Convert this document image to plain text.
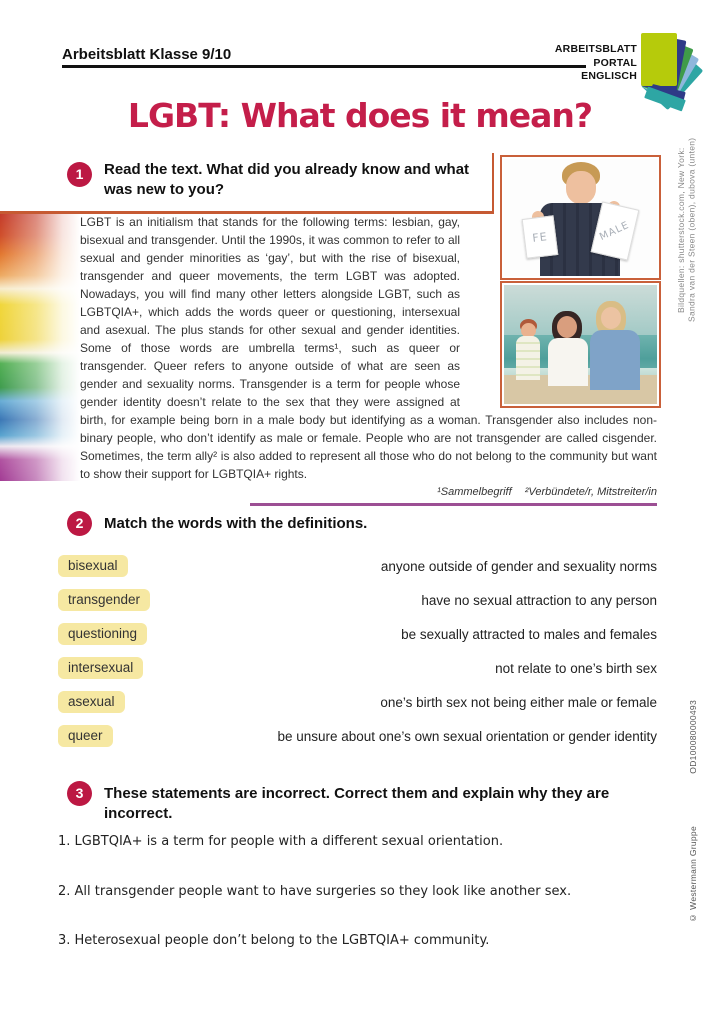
Arbeitsblatt Klasse 9/10	ARBEITSBLATT
PORTAL
ENGLISCH
LGBT: What does it mean?
1	Read the text. What did you already know and what was new to you?
LGBT is an initialism that stands for the following terms: lesbian, gay, bisexual and transgender. Until the 1990s, it was common to refer to all sexual and gender minorities as ‘gay’, but with the rise of bisexual, transgender and queer movements, the term LGBT was adopted. Nowadays, you will find many other letters alongside LGBT, such as LGBTQIA+, which adds the words queer or questioning, intersexual and asexual. The plus stands for other sexual and gender identities. Some of those words are umbrella terms¹, such as queer or transgender. Queer refers to anyone outside of what are seen as gender and sexuality norms. Transgender is a term for people whose gender identity doesn’t relate to the sex that they were assigned at birth, for example being born in a male body but identifying as a woman. Transgender also includes non-binary people, who don’t identify as male or female. People who are not transgender are called cisgender. Sometimes, the term ally² is also added to represent all those who do not belong to the community but want to show their support for LGBTQIA+ rights.
¹Sammelbegriff ²Verbündete/r, Mitstreiter/in
FE	MALE
2	Match the words with the definitions.
bisexual	anyone outside of gender and sexuality norms
transgender	have no sexual attraction to any person
questioning	be sexually attracted to males and females
intersexual	not relate to one’s birth sex
asexual	one’s birth sex not being either male or female
queer	be unsure about one’s own sexual orientation or gender identity
3	These statements are incorrect. Correct them and explain why they are incorrect.
1. LGBTQIA+ is a term for people with a different sexual orientation.
2. All transgender people want to have surgeries so they look like another sex.
3. Heterosexual people don’t belong to the LGBTQIA+ community.
Bildquellen: shutterstock.com, New York: Sandra van der Steen (oben), dubova (unten)
OD100080000493
© Westermann Gruppe
